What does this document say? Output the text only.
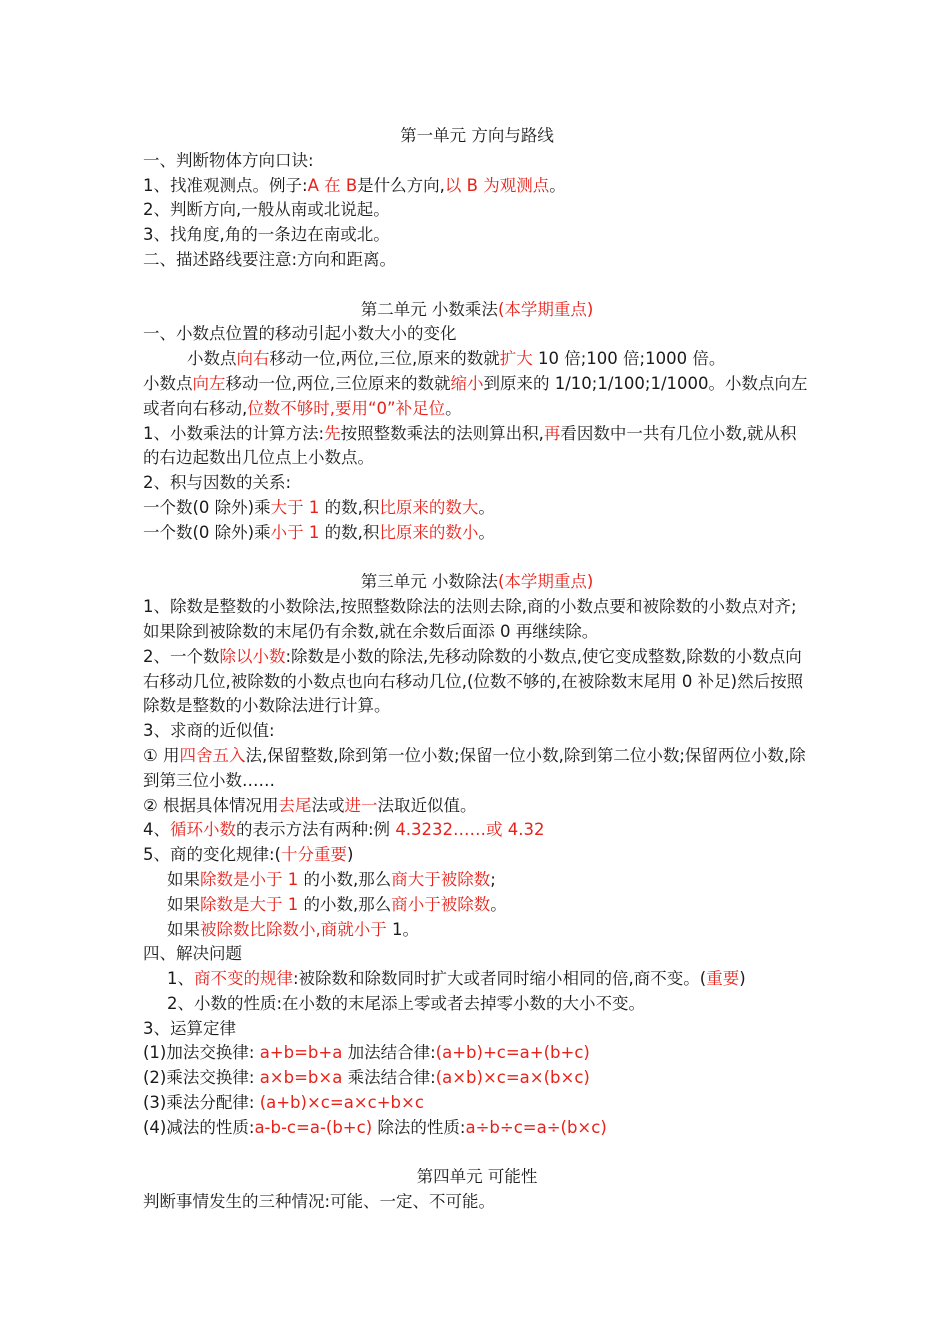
第一单元 方向与路线

一、判断物体方向口诀:

1、找准观测点。例子:A 在 B是什么方向,以 B 为观测点。

2、判断方向,一般从南或北说起。

3、找角度,角的一条边在南或北。

二、描述路线要注意:方向和距离。

第二单元 小数乘法(本学期重点)

一、小数点位置的移动引起小数大小的变化

小数点向右移动一位,两位,三位,原来的数就扩大 10 倍;100 倍;1000 倍。

小数点向左移动一位,两位,三位原来的数就缩小到原来的 1/10;1/100;1/1000。小数点向左或者向右移动,位数不够时,要用“0”补足位。

1、小数乘法的计算方法:先按照整数乘法的法则算出积,再看因数中一共有几位小数,就从积的右边起数出几位点上小数点。

2、积与因数的关系:

一个数(0 除外)乘大于 1 的数,积比原来的数大。

一个数(0 除外)乘小于 1 的数,积比原来的数小。

第三单元 小数除法(本学期重点)

1、除数是整数的小数除法,按照整数除法的法则去除,商的小数点要和被除数的小数点对齐;如果除到被除数的末尾仍有余数,就在余数后面添 0 再继续除。

2、一个数除以小数:除数是小数的除法,先移动除数的小数点,使它变成整数,除数的小数点向右移动几位,被除数的小数点也向右移动几位,(位数不够的,在被除数末尾用 0 补足)然后按照除数是整数的小数除法进行计算。

3、求商的近似值:

① 用四舍五入法,保留整数,除到第一位小数;保留一位小数,除到第二位小数;保留两位小数,除到第三位小数……

② 根据具体情况用去尾法或进一法取近似值。

4、循环小数的表示方法有两种:例 4.3232……或 4.32

5、商的变化规律:(十分重要)

如果除数是小于 1 的小数,那么商大于被除数;

如果除数是大于 1 的小数,那么商小于被除数。

如果被除数比除数小,商就小于 1。

四、解决问题

1、商不变的规律:被除数和除数同时扩大或者同时缩小相同的倍,商不变。(重要)

2、小数的性质:在小数的末尾添上零或者去掉零小数的大小不变。

3、运算定律

(1)加法交换律: a+b=b+a 加法结合律:(a+b)+c=a+(b+c)

(2)乘法交换律: a×b=b×a 乘法结合律:(a×b)×c=a×(b×c)

(3)乘法分配律: (a+b)×c=a×c+b×c

(4)减法的性质:a-b-c=a-(b+c) 除法的性质:a÷b÷c=a÷(b×c)

第四单元 可能性

判断事情发生的三种情况:可能、一定、不可能。
